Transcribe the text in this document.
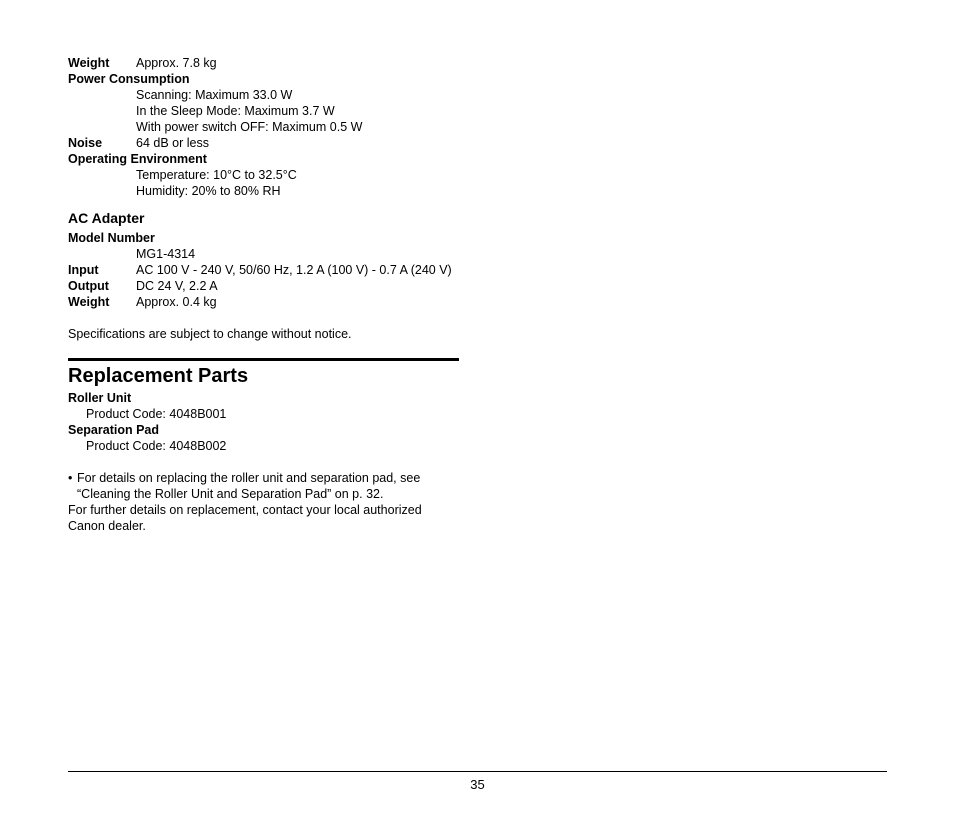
Weight Approx. 7.8 kg
Power Consumption
Scanning: Maximum 33.0 W
In the Sleep Mode: Maximum 3.7 W
With power switch OFF: Maximum 0.5 W
Noise	64 dB or less
Operating Environment
Temperature: 10°C to 32.5°C
Humidity: 20% to 80% RH
AC Adapter
Model Number
MG1-4314
Input	AC 100 V - 240 V, 50/60 Hz, 1.2 A (100 V) - 0.7 A (240 V)
Output DC 24 V, 2.2 A
Weight Approx. 0.4 kg
Specifications are subject to change without notice.
Replacement Parts
Roller Unit
Product Code: 4048B001
Separation Pad
Product Code: 4048B002
• For details on replacing the roller unit and separation pad, see
“Cleaning the Roller Unit and Separation Pad” on p. 32.
For further details on replacement, contact your local authorized
Canon dealer.
35
